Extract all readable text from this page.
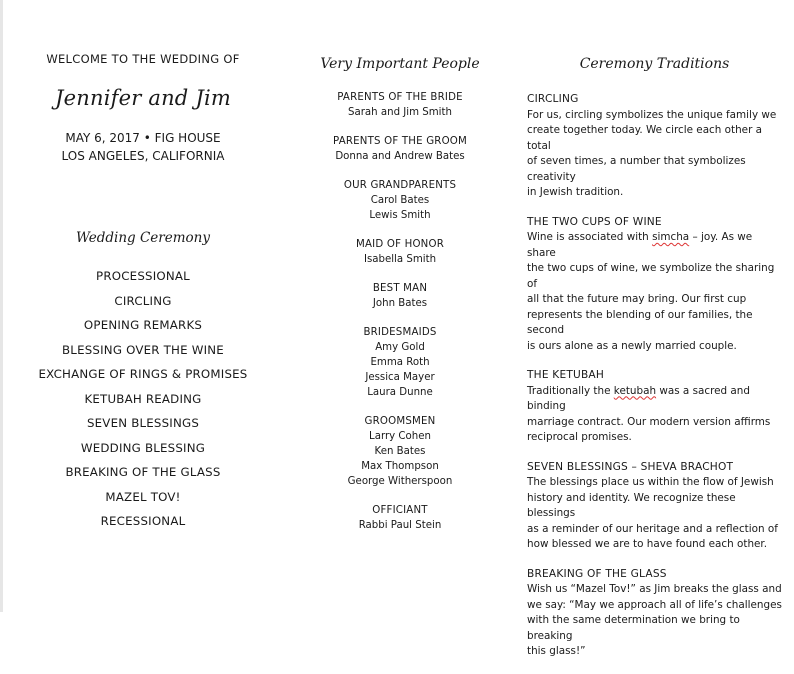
WELCOME TO THE WEDDING OF
Jennifer and Jim
MAY 6, 2017 • FIG HOUSE
LOS ANGELES, CALIFORNIA
Wedding Ceremony
PROCESSIONAL
CIRCLING
OPENING REMARKS
BLESSING OVER THE WINE
EXCHANGE OF RINGS & PROMISES
KETUBAH READING
SEVEN BLESSINGS
WEDDING BLESSING
BREAKING OF THE GLASS
MAZEL TOV!
RECESSIONAL
Very Important People
PARENTS OF THE BRIDE
Sarah and Jim Smith
PARENTS OF THE GROOM
Donna and Andrew Bates
OUR GRANDPARENTS
Carol Bates
Lewis Smith
MAID OF HONOR
Isabella Smith
BEST MAN
John Bates
BRIDESMAIDS
Amy Gold
Emma Roth
Jessica Mayer
Laura Dunne
GROOMSMEN
Larry Cohen
Ken Bates
Max Thompson
George Witherspoon
OFFICIANT
Rabbi Paul Stein
Ceremony Traditions
CIRCLING
For us, circling symbolizes the unique family we
create together today. We circle each other a total
of seven times, a number that symbolizes creativity
in Jewish tradition.
THE TWO CUPS OF WINE
Wine is associated with simcha – joy. As we share
the two cups of wine, we symbolize the sharing of
all that the future may bring. Our first cup
represents the blending of our families, the second
is ours alone as a newly married couple.
THE KETUBAH
Traditionally the ketubah was a sacred and binding
marriage contract. Our modern version affirms
reciprocal promises.
SEVEN BLESSINGS – SHEVA BRACHOT
The blessings place us within the flow of Jewish
history and identity. We recognize these blessings
as a reminder of our heritage and a reflection of
how blessed we are to have found each other.
BREAKING OF THE GLASS
Wish us “Mazel Tov!” as Jim breaks the glass and
we say: “May we approach all of life’s challenges
with the same determination we bring to breaking
this glass!”
